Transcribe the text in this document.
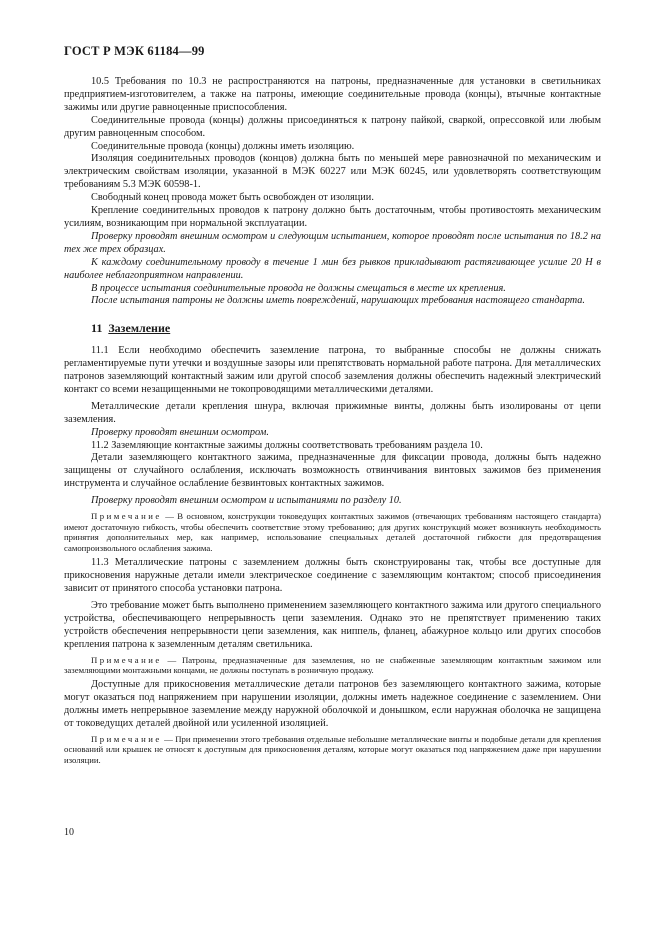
ГОСТ Р МЭК 61184—99

10.5 Требования по 10.3 не распространяются на патроны, предназначенные для установки в светильниках предприятием-изготовителем, а также на патроны, имеющие соединительные провода (концы), втычные контактные зажимы или другие равноценные приспособления.

Соединительные провода (концы) должны присоединяться к патрону пайкой, сваркой, опрессовкой или любым другим равноценным способом.

Соединительные провода (концы) должны иметь изоляцию.

Изоляция соединительных проводов (концов) должна быть по меньшей мере равнозначной по механическим и электрическим свойствам изоляции, указанной в МЭК 60227 или МЭК 60245, или удовлетворять соответствующим требованиям 5.3 МЭК 60598-1.

Свободный конец провода может быть освобожден от изоляции.

Крепление соединительных проводов к патрону должно быть достаточным, чтобы противостоять механическим усилиям, возникающим при нормальной эксплуатации.

Проверку проводят внешним осмотром и следующим испытанием, которое проводят после испытания по 18.2 на тех же трех образцах.

К каждому соединительному проводу в течение 1 мин без рывков прикладывают растягивающее усилие 20 Н в наиболее неблагоприятном направлении.

В процессе испытания соединительные провода не должны смещаться в месте их крепления.

После испытания патроны не должны иметь повреждений, нарушающих требования настоящего стандарта.

11 Заземление

11.1 Если необходимо обеспечить заземление патрона, то выбранные способы не должны снижать регламентируемые пути утечки и воздушные зазоры или препятствовать нормальной работе патрона. Для металлических патронов заземляющий контактный зажим или другой способ заземления должны обеспечить надежный электрический контакт со всеми незащищенными не токопроводящими металлическими деталями.

Металлические детали крепления шнура, включая прижимные винты, должны быть изолированы от цепи заземления.

Проверку проводят внешним осмотром.

11.2 Заземляющие контактные зажимы должны соответствовать требованиям раздела 10.

Детали заземляющего контактного зажима, предназначенные для фиксации провода, должны быть надежно защищены от случайного ослабления, исключать возможность отвинчивания винтовых зажимов без применения инструмента и случайное ослабление безвинтовых контактных зажимов.

Проверку проводят внешним осмотром и испытаниями по разделу 10.

Примечание — В основном, конструкции токоведущих контактных зажимов (отвечающих требованиям настоящего стандарта) имеют достаточную гибкость, чтобы обеспечить соответствие этому требованию; для других конструкций может возникнуть необходимость принятия дополнительных мер, как например, использование специальных деталей достаточной гибкости для предотвращения самопроизвольного ослабления зажима.

11.3 Металлические патроны с заземлением должны быть сконструированы так, чтобы все доступные для прикосновения наружные детали имели электрическое соединение с заземляющим контактом; способ присоединения зависит от принятого способа установки патрона.

Это требование может быть выполнено применением заземляющего контактного зажима или другого специального устройства, обеспечивающего непрерывность цепи заземления. Однако это не препятствует применению таких устройств обеспечения непрерывности цепи заземления, как ниппель, фланец, абажурное кольцо или других способов крепления патрона к заземленным деталям светильника.

Примечание — Патроны, предназначенные для заземления, но не снабженные заземляющим контактным зажимом или заземляющими монтажными концами, не должны поступать в розничную продажу.

Доступные для прикосновения металлические детали патронов без заземляющего контактного зажима, которые могут оказаться под напряжением при нарушении изоляции, должны иметь надежное соединение с заземлением. Они должны иметь непрерывное заземление между наружной оболочкой и донышком, если наружная оболочка не защищена от токоведущих деталей двойной или усиленной изоляцией.

Примечание — При применении этого требования отдельные небольшие металлические винты и подобные детали для крепления оснований или крышек не относят к доступным для прикосновения деталям, которые могут оказаться под напряжением даже при нарушении изоляции.

10
